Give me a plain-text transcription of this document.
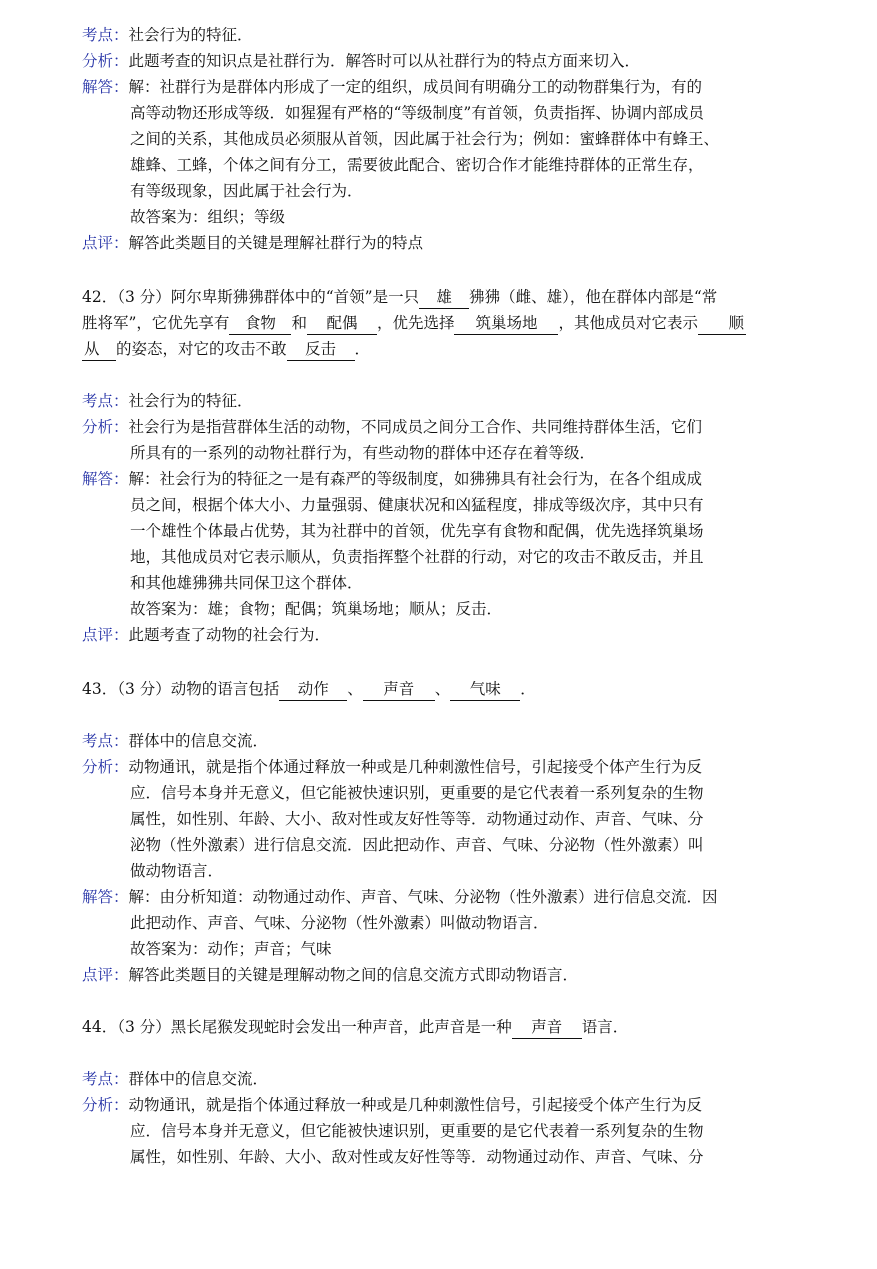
考点：社会行为的特征．
分析：此题考查的知识点是社群行为．解答时可以从社群行为的特点方面来切入．
解答：解：社群行为是群体内形成了一定的组织，成员间有明确分工的动物群集行为，有的
高等动物还形成等级．如猩猩有严格的“等级制度”有首领，负责指挥、协调内部成员
之间的关系，其他成员必须服从首领，因此属于社会行为；例如：蜜蜂群体中有蜂王、
雄蜂、工蜂，个体之间有分工，需要彼此配合、密切合作才能维持群体的正常生存，
有等级现象，因此属于社会行为．
故答案为：组织；等级
点评：解答此类题目的关键是理解社群行为的特点
42．（3 分）阿尔卑斯狒狒群体中的“首领”是一只 雄 狒狒（雌、雄），他在群体内部是“常
胜将军”，它优先享有 食物 和 配偶 ，优先选择 筑巢场地 ，其他成员对它表示 顺
从 的姿态，对它的攻击不敢 反击 ．
考点：社会行为的特征．
分析：社会行为是指营群体生活的动物，不同成员之间分工合作、共同维持群体生活，它们
所具有的一系列的动物社群行为，有些动物的群体中还存在着等级．
解答：解：社会行为的特征之一是有森严的等级制度，如狒狒具有社会行为，在各个组成成
员之间，根据个体大小、力量强弱、健康状况和凶猛程度，排成等级次序，其中只有
一个雄性个体最占优势，其为社群中的首领，优先享有食物和配偶，优先选择筑巢场
地，其他成员对它表示顺从，负责指挥整个社群的行动，对它的攻击不敢反击，并且
和其他雄狒狒共同保卫这个群体．
故答案为：雄；食物；配偶；筑巢场地；顺从；反击．
点评：此题考查了动物的社会行为．
43．（3 分）动物的语言包括 动作 、 声音 、 气味 ．
考点：群体中的信息交流．
分析：动物通讯，就是指个体通过释放一种或是几种刺激性信号，引起接受个体产生行为反
应．信号本身并无意义，但它能被快速识别，更重要的是它代表着一系列复杂的生物
属性，如性别、年龄、大小、敌对性或友好性等等．动物通过动作、声音、气味、分
泌物（性外激素）进行信息交流．因此把动作、声音、气味、分泌物（性外激素）叫
做动物语言．
解答：解：由分析知道：动物通过动作、声音、气味、分泌物（性外激素）进行信息交流．因
此把动作、声音、气味、分泌物（性外激素）叫做动物语言．
故答案为：动作；声音；气味
点评：解答此类题目的关键是理解动物之间的信息交流方式即动物语言．
44．（3 分）黑长尾猴发现蛇时会发出一种声音，此声音是一种 声音 语言．
考点：群体中的信息交流．
分析：动物通讯，就是指个体通过释放一种或是几种刺激性信号，引起接受个体产生行为反
应．信号本身并无意义，但它能被快速识别，更重要的是它代表着一系列复杂的生物
属性，如性别、年龄、大小、敌对性或友好性等等．动物通过动作、声音、气味、分
